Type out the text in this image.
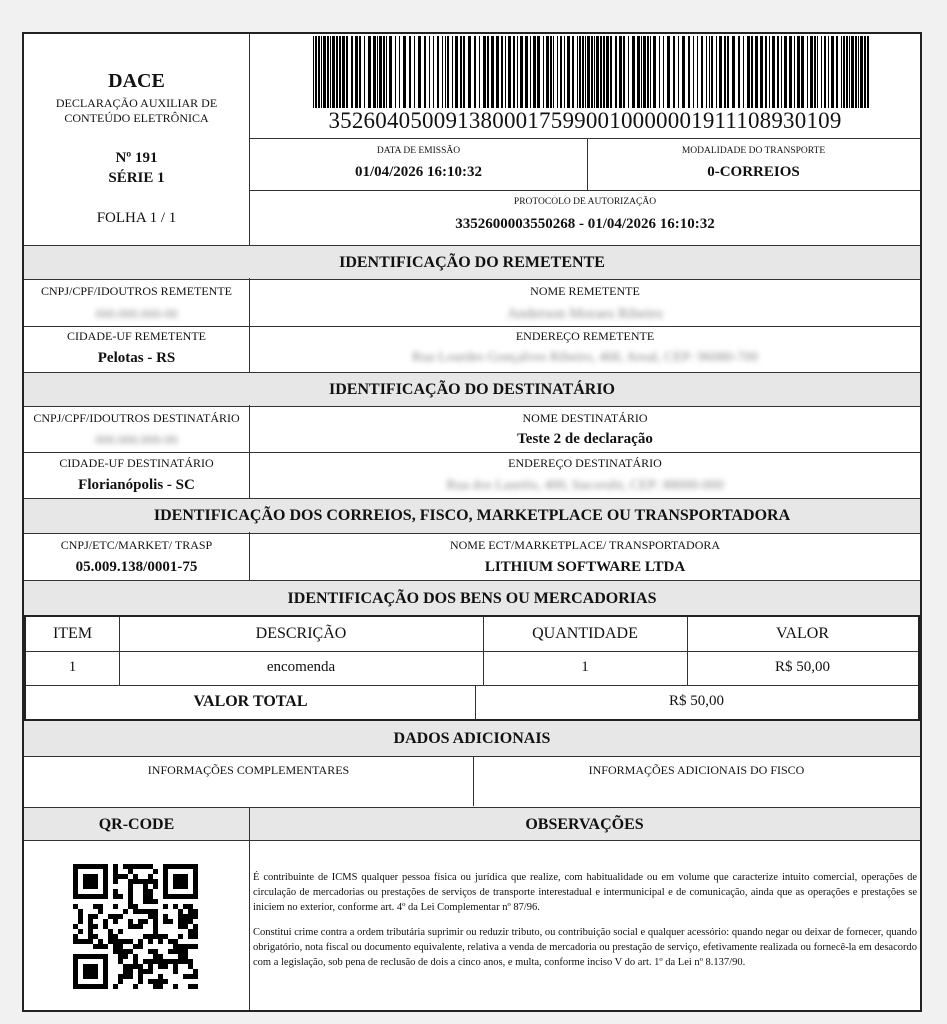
DACE
DECLARAÇÃO AUXILIAR DE
CONTEÚDO ELETRÔNICA
Nº 191
SÉRIE 1
FOLHA 1 / 1
35260405009138000175990010000001911108930109
DATA DE EMISSÃO
01/04/2026 16:10:32
MODALIDADE DO TRANSPORTE
0-CORREIOS
PROTOCOLO DE AUTORIZAÇÃO
3352600003550268 - 01/04/2026 16:10:32
IDENTIFICAÇÃO DO REMETENTE
CNPJ/CPF/IDOUTROS REMETENTE
000.000.000-00
NOME REMETENTE
Anderson Moraes Ribeiro
CIDADE-UF REMETENTE
Pelotas - RS
ENDEREÇO REMETENTE
Rua Lourdes Gonçalves Ribeiro, 468, Areal, CEP: 96080-700
IDENTIFICAÇÃO DO DESTINATÁRIO
CNPJ/CPF/IDOUTROS DESTINATÁRIO
000.000.000-00
NOME DESTINATÁRIO
Teste 2 de declaração
CIDADE-UF DESTINATÁRIO
Florianópolis - SC
ENDEREÇO DESTINATÁRIO
Rua dos Lauréis, 400, Itacorubi, CEP: 88000-000
IDENTIFICAÇÃO DOS CORREIOS, FISCO, MARKETPLACE OU TRANSPORTADORA
CNPJ/ETC/MARKET/ TRASP
05.009.138/0001-75
NOME ECT/MARKETPLACE/ TRANSPORTADORA
LITHIUM SOFTWARE LTDA
IDENTIFICAÇÃO DOS BENS OU MERCADORIAS
ITEM	DESCRIÇÃO	QUANTIDADE	VALOR
1	encomenda	1	R$ 50,00
VALOR TOTAL	R$ 50,00
DADOS ADICIONAIS
INFORMAÇÕES COMPLEMENTARES	INFORMAÇÕES ADICIONAIS DO FISCO
QR-CODE	OBSERVAÇÕES

É contribuinte de ICMS qualquer pessoa física ou jurídica que realize, com habitualidade ou em volume que caracterize intuito comercial, operações de circulação de mercadorias ou prestações de serviços de transporte interestadual e intermunicipal e de comunicação, ainda que as operações e prestações se iniciem no exterior, conforme art. 4º da Lei Complementar nº 87/96.

Constitui crime contra a ordem tributária suprimir ou reduzir tributo, ou contribuição social e qualquer acessório: quando negar ou deixar de fornecer, quando obrigatório, nota fiscal ou documento equivalente, relativa a venda de mercadoria ou prestação de serviço, efetivamente realizada ou fornecê-la em desacordo com a legislação, sob pena de reclusão de dois a cinco anos, e multa, conforme inciso V do art. 1º da Lei nº 8.137/90.
